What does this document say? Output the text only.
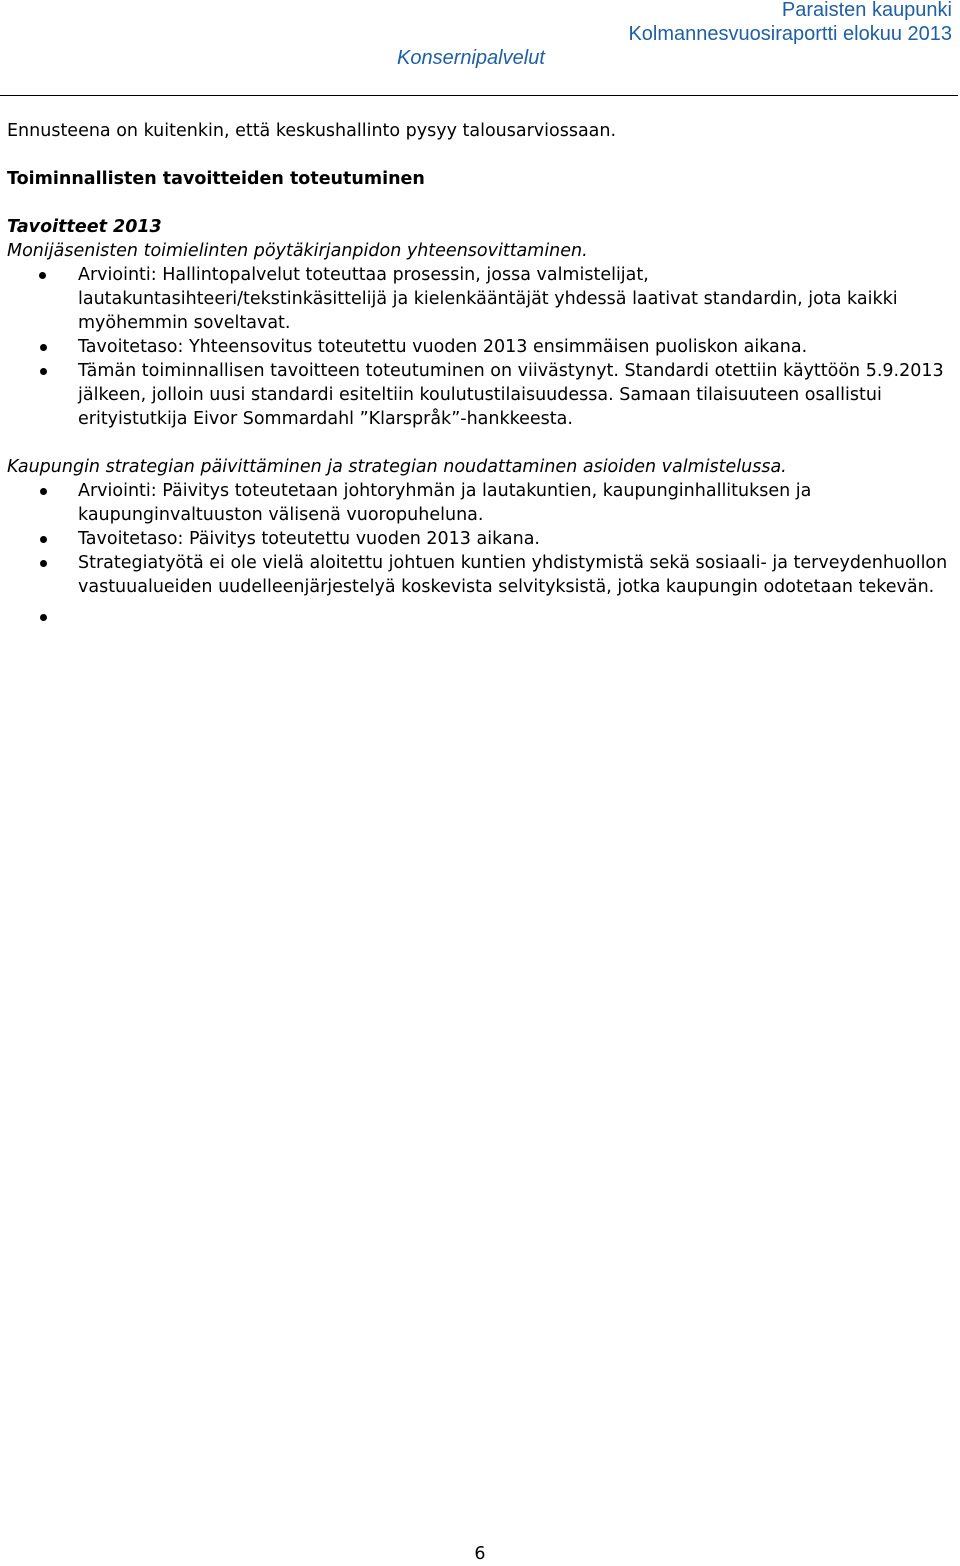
Paraisten kaupunki
Kolmannesvuosiraportti elokuu 2013
Konsernipalvelut

Ennusteena on kuitenkin, että keskushallinto pysyy talousarviossaan.

Toiminnallisten tavoitteiden toteutuminen

Tavoitteet 2013

Monijäsenisten toimielinten pöytäkirjanpidon yhteensovittaminen.

Arviointi: Hallintopalvelut toteuttaa prosessin, jossa valmistelijat, lautakuntasihteeri/tekstinkäsittelijä ja kielenkääntäjät yhdessä laativat standardin, jota kaikki myöhemmin soveltavat.
Tavoitetaso: Yhteensovitus toteutettu vuoden 2013 ensimmäisen puoliskon aikana.
Tämän toiminnallisen tavoitteen toteutuminen on viivästynyt. Standardi otettiin käyttöön 5.9.2013 jälkeen, jolloin uusi standardi esiteltiin koulutustilaisuudessa. Samaan tilaisuuteen osallistui erityistutkija Eivor Sommardahl ”Klarspråk”-hankkeesta.

Kaupungin strategian päivittäminen ja strategian noudattaminen asioiden valmistelussa.

Arviointi: Päivitys toteutetaan johtoryhmän ja lautakuntien, kaupunginhallituksen ja kaupunginvaltuuston välisenä vuoropuheluna.
Tavoitetaso: Päivitys toteutettu vuoden 2013 aikana.
Strategiatyötä ei ole vielä aloitettu johtuen kuntien yhdistymistä sekä sosiaali- ja terveydenhuollon vastuualueiden uudelleenjärjestelyä koskevista selvityksistä, jotka kaupungin odotetaan tekevän.
6
